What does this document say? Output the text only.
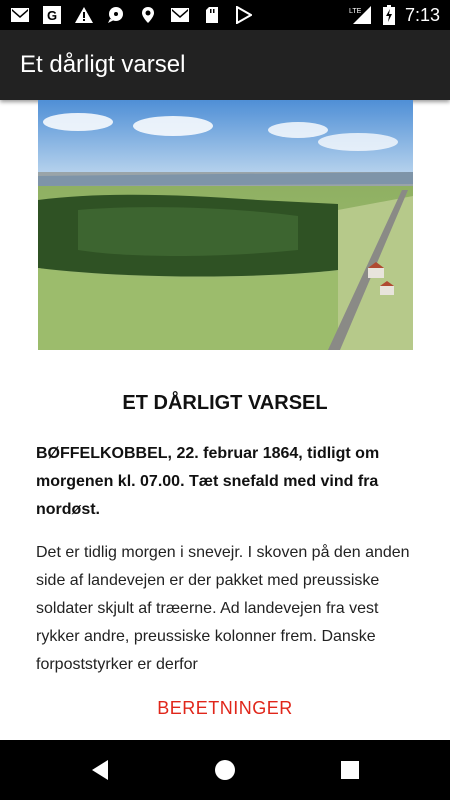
G	LTE 7:13
Et dårligt varsel
ET DÅRLIGT VARSEL
BØFFELKOBBEL, 22. februar 1864, tidligt om morgenen kl. 07.00. Tæt snefald med vind fra nordøst.
Det er tidlig morgen i snevejr. I skoven på den anden side af landevejen er der pakket med preussiske soldater skjult af træerne. Ad landevejen fra vest rykker andre, preussiske kolonner frem. Danske forpoststyrker er derfor
BERETNINGER
